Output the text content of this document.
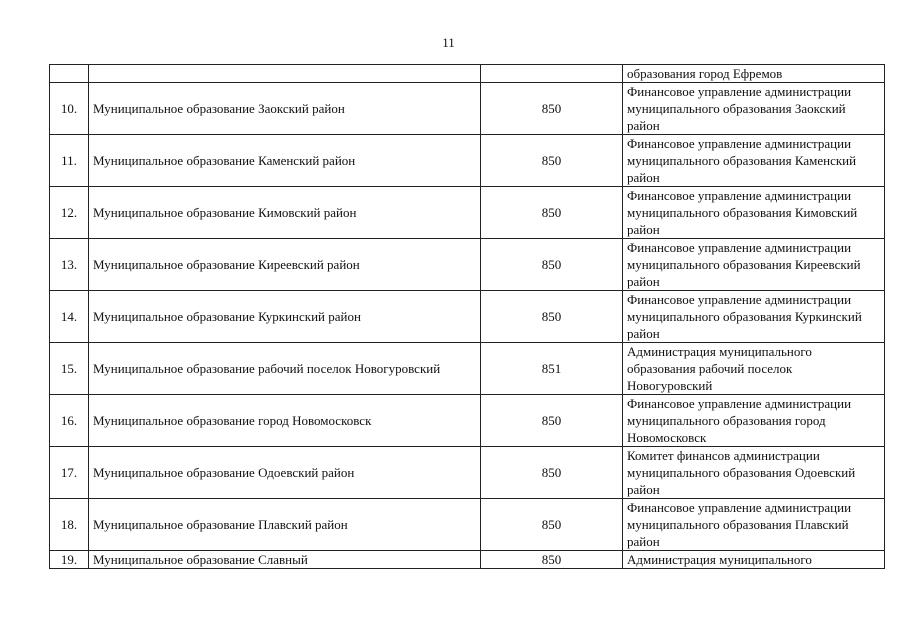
11
			образования город Ефремов
10.	Муниципальное образование Заокский район	850	Финансовое управление администрации муниципального образования Заокский район
11.	Муниципальное образование Каменский район	850	Финансовое управление администрации муниципального образования Каменский район
12.	Муниципальное образование Кимовский район	850	Финансовое управление администрации муниципального образования Кимовский район
13.	Муниципальное образование Киреевский район	850	Финансовое управление администрации муниципального образования Киреевский район
14.	Муниципальное образование Куркинский район	850	Финансовое управление администрации муниципального образования Куркинский район
15.	Муниципальное образование рабочий поселок Новогуровский	851	Администрация муниципального образования рабочий поселок Новогуровский
16.	Муниципальное образование город Новомосковск	850	Финансовое управление администрации муниципального образования город Новомосковск
17.	Муниципальное образование Одоевский район	850	Комитет финансов администрации муниципального образования Одоевский район
18.	Муниципальное образование Плавский район	850	Финансовое управление администрации муниципального образования Плавский район
19.	Муниципальное образование Славный	850	Администрация муниципального
